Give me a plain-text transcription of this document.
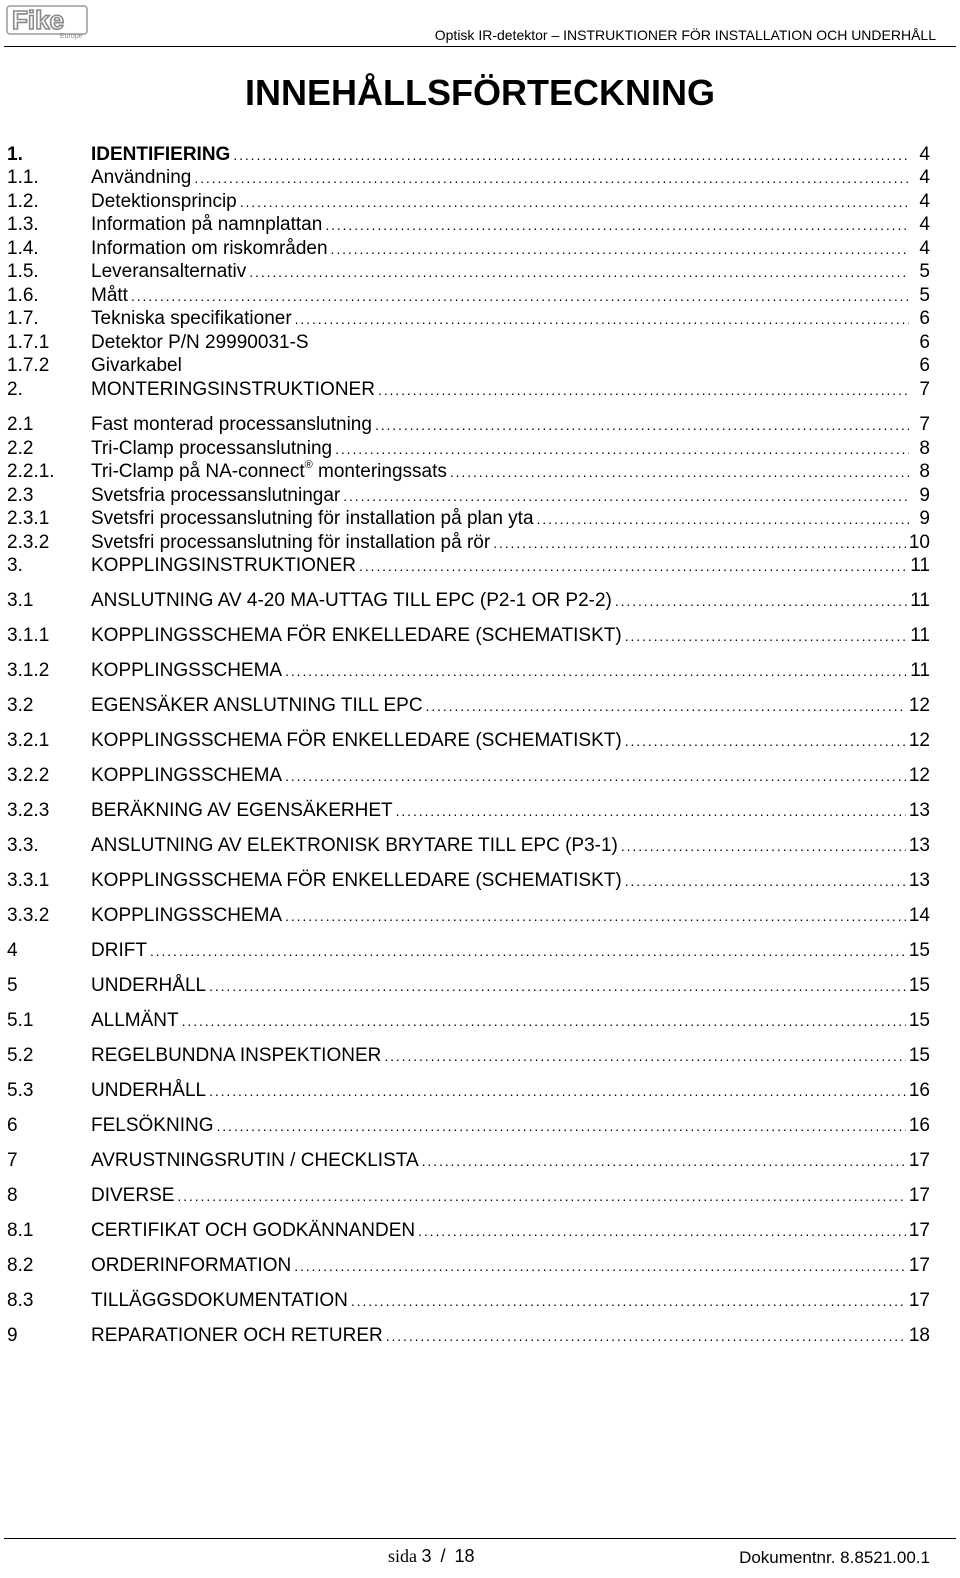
Fike
Europe	Optisk IR-detektor – INSTRUKTIONER FÖR INSTALLATION OCH UNDERHÅLL
INNEHÅLLSFÖRTECKNING
1.	IDENTIFIERING . . .	4
1.1.	Användning . . .	4
1.2.	Detektionsprincip . . .	4
1.3.	Information på namnplattan . . .	4
1.4.	Information om riskområden . . .	4
1.5.	Leveransalternativ . . .	5
1.6.	Mått . . .	5
1.7.	Tekniska specifikationer . . .	6
1.7.1	Detektor P/N 29990031-S	6
1.7.2	Givarkabel	6
2.	MONTERINGSINSTRUKTIONER . . .	7
2.1	Fast monterad processanslutning . . .	7
2.2	Tri-Clamp processanslutning . . .	8
2.2.1.	Tri-Clamp på NA-connect® monteringssats . . .	8
2.3	Svetsfria processanslutningar . . .	9
2.3.1	Svetsfri processanslutning för installation på plan yta . . .	9
2.3.2	Svetsfri processanslutning för installation på rör . . .	10
3.	KOPPLINGSINSTRUKTIONER . . .	11
3.1	ANSLUTNING AV 4-20 MA-UTTAG TILL EPC (P2-1 OR P2-2) . . .	11
3.1.1	KOPPLINGSSCHEMA FÖR ENKELLEDARE (SCHEMATISKT) . . .	11
3.1.2	KOPPLINGSSCHEMA . . .	11
3.2	EGENSÄKER ANSLUTNING TILL EPC . . .	12
3.2.1	KOPPLINGSSCHEMA FÖR ENKELLEDARE (SCHEMATISKT) . . .	12
3.2.2	KOPPLINGSSCHEMA . . .	12
3.2.3	BERÄKNING AV EGENSÄKERHET . . .	13
3.3.	ANSLUTNING AV ELEKTRONISK BRYTARE TILL EPC (P3-1) . . .	13
3.3.1	KOPPLINGSSCHEMA FÖR ENKELLEDARE (SCHEMATISKT) . . .	13
3.3.2	KOPPLINGSSCHEMA . . .	14
4	DRIFT . . .	15
5	UNDERHÅLL . . .	15
5.1	ALLMÄNT . . .	15
5.2	REGELBUNDNA INSPEKTIONER . . .	15
5.3	UNDERHÅLL . . .	16
6	FELSÖKNING . . .	16
7	AVRUSTNINGSRUTIN / CHECKLISTA . . .	17
8	DIVERSE . . .	17
8.1	CERTIFIKAT OCH GODKÄNNANDEN . . .	17
8.2	ORDERINFORMATION . . .	17
8.3	TILLÄGGSDOKUMENTATION . . .	17
9	REPARATIONER OCH RETURER . . .	18
sida 3 / 18	Dokumentnr. 8.8521.00.1
